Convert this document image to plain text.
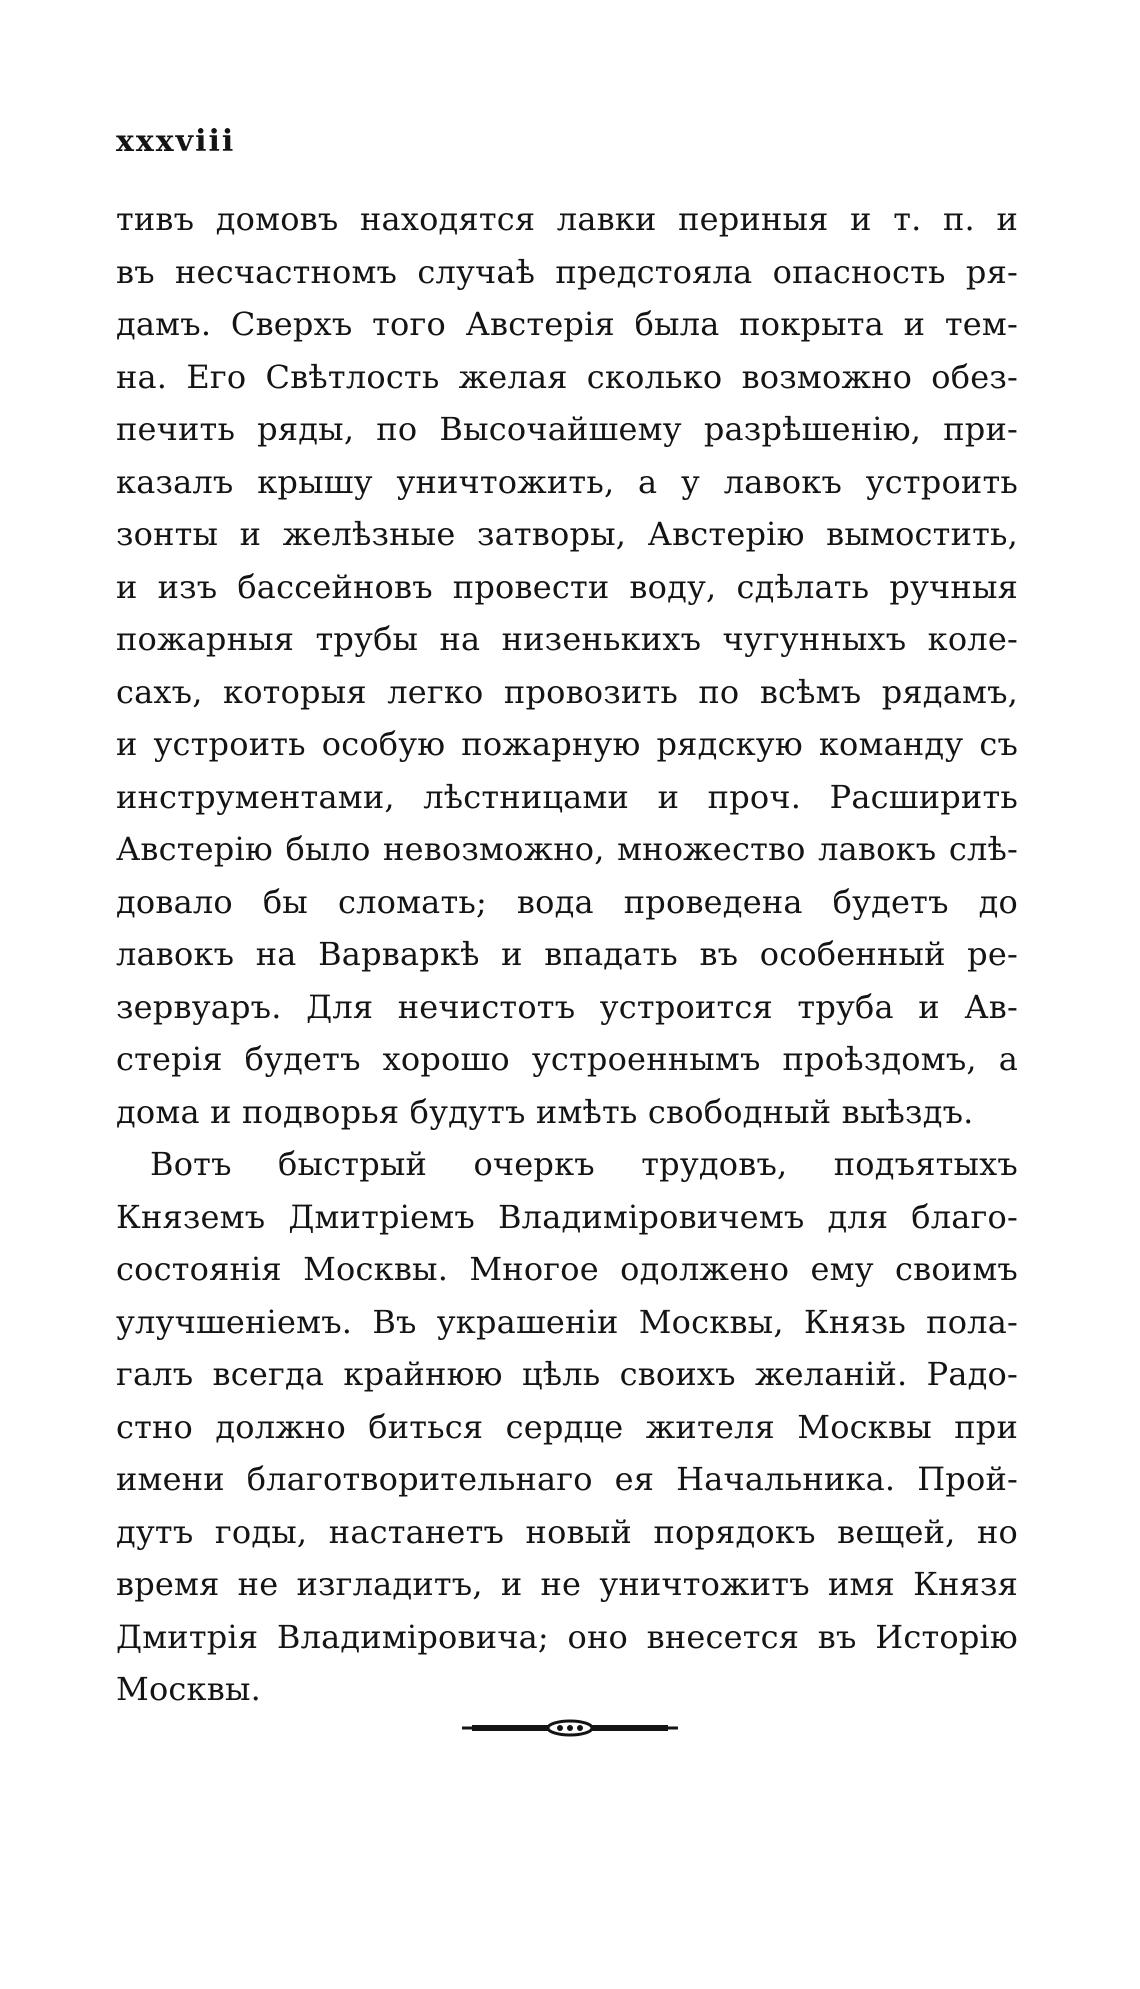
xxxviii
тивъ домовъ находятся лавки периныя и т. п. и
въ несчастномъ случаѣ предстояла опасность ря-
дамъ. Сверхъ того Австерія была покрыта и тем-
на. Его Свѣтлость желая сколько возможно обез-
печить ряды, по Высочайшему разрѣшенію, при-
казалъ крышу уничтожить, а у лавокъ устроить
зонты и желѣзные затворы, Австерію вымостить,
и изъ бассейновъ провести воду, сдѣлать ручныя
пожарныя трубы на низенькихъ чугунныхъ коле-
сахъ, которыя легко провозить по всѣмъ рядамъ,
и устроить особую пожарную рядскую команду съ
инструментами, лѣстницами и проч. Расширить
Австерію было невозможно, множество лавокъ слѣ-
довало бы сломать; вода проведена будетъ до
лавокъ на Варваркѣ и впадать въ особенный ре-
зервуаръ. Для нечистотъ устроится труба и Ав-
стерія будетъ хорошо устроеннымъ проѣздомъ, а
дома и подворья будутъ имѣть свободный выѣздъ.
Вотъ быстрый очеркъ трудовъ, подъятыхъ
Княземъ Дмитріемъ Владиміровичемъ для благо-
состоянія Москвы. Многое одолжено ему своимъ
улучшеніемъ. Въ украшеніи Москвы, Князь пола-
галъ всегда крайнюю цѣль своихъ желаній. Радо-
стно должно биться сердце жителя Москвы при
имени благотворительнаго ея Начальника. Прой-
дутъ годы, настанетъ новый порядокъ вещей, но
время не изгладитъ, и не уничтожитъ имя Князя
Дмитрія Владиміровича; оно внесется въ Исторію
Москвы.
